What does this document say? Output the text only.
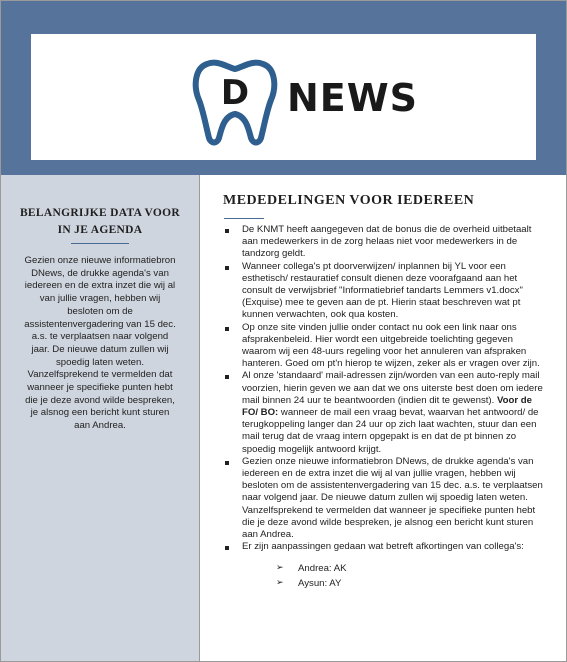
D NEWS
BELANGRIJKE DATA VOOR IN JE AGENDA
Gezien onze nieuwe informatiebron DNews, de drukke agenda's van iedereen en de extra inzet die wij al van jullie vragen, hebben wij besloten om de assistentenvergadering van 15 dec. a.s. te verplaatsen naar volgend jaar. De nieuwe datum zullen wij spoedig laten weten. Vanzelfsprekend te vermelden dat wanneer je specifieke punten hebt die je deze avond wilde bespreken, je alsnog een bericht kunt sturen aan Andrea.
MEDEDELINGEN VOOR IEDEREEN
De KNMT heeft aangegeven dat de bonus die de overheid uitbetaalt aan medewerkers in de zorg helaas niet voor medewerkers in de tandzorg geldt.
Wanneer collega's pt doorverwijzen/ inplannen bij YL voor een esthetisch/ restauratief consult dienen deze voorafgaand aan het consult de verwijsbrief "Informatiebrief tandarts Lemmers v1.docx" (Exquise) mee te geven aan de pt. Hierin staat beschreven wat pt kunnen verwachten, ook qua kosten.
Op onze site vinden jullie onder contact nu ook een link naar ons afsprakenbeleid. Hier wordt een uitgebreide toelichting gegeven waarom wij een 48-uurs regeling voor het annuleren van afspraken hanteren. Goed om pt'n hierop te wijzen, zeker als er vragen over zijn.
Al onze 'standaard' mail-adressen zijn/worden van een auto-reply mail voorzien, hierin geven we aan dat we ons uiterste best doen om iedere mail binnen 24 uur te beantwoorden (indien dit te gewenst). Voor de FO/ BO: wanneer de mail een vraag bevat, waarvan het antwoord/ de terugkoppeling langer dan 24 uur op zich laat wachten, stuur dan een mail terug dat de vraag intern opgepakt is en dat de pt binnen zo spoedig mogelijk antwoord krijgt.
Gezien onze nieuwe informatiebron DNews, de drukke agenda's van iedereen en de extra inzet die wij al van jullie vragen, hebben wij besloten om de assistentenvergadering van 15 dec. a.s. te verplaatsen naar volgend jaar. De nieuwe datum zullen wij spoedig laten weten. Vanzelfsprekend te vermelden dat wanneer je specifieke punten hebt die je deze avond wilde bespreken, je alsnog een bericht kunt sturen aan Andrea.
Er zijn aanpassingen gedaan wat betreft afkortingen van collega's:
➢ Andrea: AK
➢ Aysun: AY
